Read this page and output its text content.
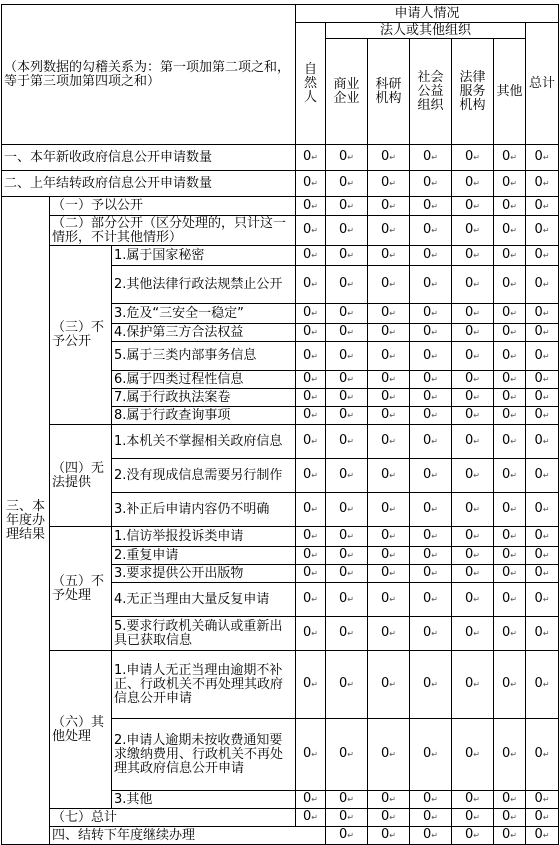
（本列数据的勾稽关系为：第一项加第二项之和，等于第三项加第四项之和）			申请人情况							
			自然人	法人或其他组织					总计	
				商业企业	科研机构	社会公益组织	法律服务机构	其他		
一、本年新收政府信息公开申请数量			0 ↵	0 ↵	0 ↵	0 ↵	0 ↵	0 ↵	0 ↵
二、上年结转政府信息公开申请数量			0 ↵	0 ↵	0 ↵	0 ↵	0 ↵	0 ↵	0 ↵
三、本年度办理结果	（一）予以公开		0 ↵	0 ↵	0 ↵	0 ↵	0 ↵	0 ↵	0 ↵
	（二）部分公开（区分处理的，只计这一情形，不计其他情形）		0 ↵	0 ↵	0 ↵	0 ↵	0 ↵	0 ↵	0 ↵
	（三）不予公开	1.属于国家秘密	0 ↵	0 ↵	0 ↵	0 ↵	0 ↵	0 ↵	0 ↵
		2.其他法律行政法规禁止公开	0 ↵	0 ↵	0 ↵	0 ↵	0 ↵	0 ↵	0 ↵
		3.危及“三安全一稳定”	0 ↵	0 ↵	0 ↵	0 ↵	0 ↵	0 ↵	0 ↵
		4.保护第三方合法权益	0 ↵	0 ↵	0 ↵	0 ↵	0 ↵	0 ↵	0 ↵
		5.属于三类内部事务信息	0 ↵	0 ↵	0 ↵	0 ↵	0 ↵	0 ↵	0 ↵
		6.属于四类过程性信息	0 ↵	0 ↵	0 ↵	0 ↵	0 ↵	0 ↵	0 ↵
		7.属于行政执法案卷	0 ↵	0 ↵	0 ↵	0 ↵	0 ↵	0 ↵	0 ↵
		8.属于行政查询事项	0 ↵	0 ↵	0 ↵	0 ↵	0 ↵	0 ↵	0 ↵
	（四）无法提供	1.本机关不掌握相关政府信息	0 ↵	0 ↵	0 ↵	0 ↵	0 ↵	0 ↵	0 ↵
		2.没有现成信息需要另行制作	0 ↵	0 ↵	0 ↵	0 ↵	0 ↵	0 ↵	0 ↵
		3.补正后申请内容仍不明确	0 ↵	0 ↵	0 ↵	0 ↵	0 ↵	0 ↵	0 ↵
	（五）不予处理	1.信访举报投诉类申请	0 ↵	0 ↵	0 ↵	0 ↵	0 ↵	0 ↵	0 ↵
		2.重复申请	0 ↵	0 ↵	0 ↵	0 ↵	0 ↵	0 ↵	0 ↵
		3.要求提供公开出版物	0 ↵	0 ↵	0 ↵	0 ↵	0 ↵	0 ↵	0 ↵
		4.无正当理由大量反复申请	0 ↵	0 ↵	0 ↵	0 ↵	0 ↵	0 ↵	0 ↵
		5.要求行政机关确认或重新出具已获取信息	0 ↵	0 ↵	0 ↵	0 ↵	0 ↵	0 ↵	0 ↵
	（六）其他处理	1.申请人无正当理由逾期不补正、行政机关不再处理其政府信息公开申请	0 ↵	0 ↵	0 ↵	0 ↵	0 ↵	0 ↵	0 ↵
		2.申请人逾期未按收费通知要求缴纳费用、行政机关不再处理其政府信息公开申请	0 ↵	0 ↵	0 ↵	0 ↵	0 ↵	0 ↵	0 ↵
		3.其他	0 ↵	0 ↵	0 ↵	0 ↵	0 ↵	0 ↵	0 ↵
	（七）总计		0 ↵	0 ↵	0 ↵	0 ↵	0 ↵	0 ↵	0 ↵
	四、结转下年度继续办理			0 ↵	0 ↵	0 ↵	0 ↵	0 ↵	0 ↵	
